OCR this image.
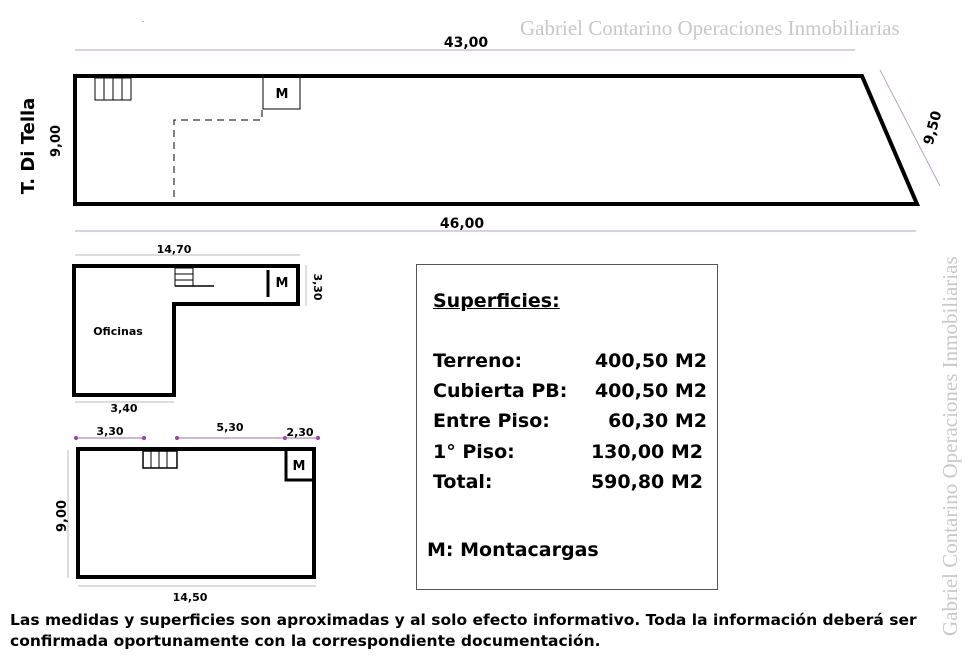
Gabriel Contarino Operaciones Inmobiliarias
Gabriel Contarino Operaciones Inmobiliarias
.
43,00
46,00
9,50
9,00
T. Di Tella
M
14,70
3,30
3,40
Oficinas
M
3,30	5,30	2,30
9,00
14,50
M
Superficies:
Terreno:	400,50 M2
Cubierta PB: 400,50 M2
Entre Piso:	60,30 M2
1° Piso:	130,00 M2
Total:	590,80 M2
M: Montacargas
Las medidas y superficies son aproximadas y al solo efecto informativo. Toda la información deberá ser confirmada oportunamente con la correspondiente documentación.
